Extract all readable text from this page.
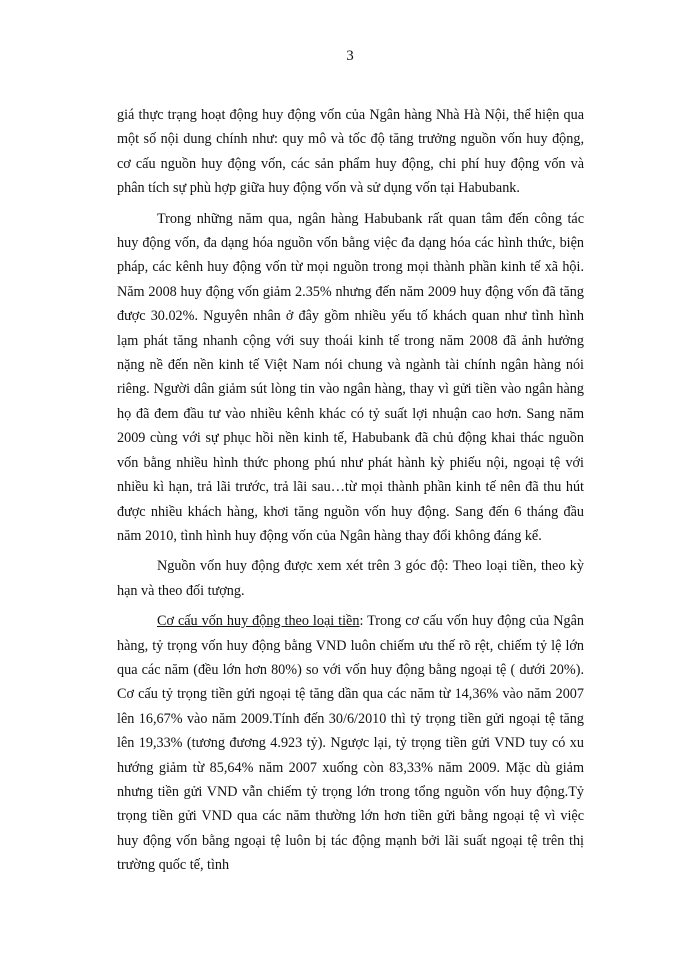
3

giá thực trạng hoạt động huy động vốn của Ngân hàng Nhà Hà Nội, thể hiện qua một số nội dung chính như: quy mô và tốc độ tăng trưởng nguồn vốn huy động, cơ cấu nguồn huy động vốn, các sản phẩm huy động, chi phí huy động vốn và phân tích sự phù hợp giữa huy động vốn và sử dụng vốn tại Habubank.

Trong những năm qua, ngân hàng Habubank rất quan tâm đến công tác huy động vốn, đa dạng hóa nguồn vốn bằng việc đa dạng hóa các hình thức, biện pháp, các kênh huy động vốn từ mọi nguồn trong mọi thành phần kinh tế xã hội. Năm 2008 huy động vốn giảm 2.35% nhưng đến năm 2009 huy động vốn đã tăng được 30.02%. Nguyên nhân ở đây gồm nhiều yếu tố khách quan như tình hình lạm phát tăng nhanh cộng với suy thoái kinh tế trong năm 2008 đã ảnh hưởng nặng nề đến nền kinh tế Việt Nam nói chung và ngành tài chính ngân hàng nói riêng. Người dân giảm sút lòng tin vào ngân hàng, thay vì gửi tiền vào ngân hàng họ đã đem đầu tư vào nhiều kênh khác có tỷ suất lợi nhuận cao hơn. Sang năm 2009 cùng với sự phục hồi nền kinh tế, Habubank đã chủ động khai thác nguồn vốn bằng nhiều hình thức phong phú như phát hành kỳ phiếu nội, ngoại tệ với nhiều kì hạn, trả lãi trước, trả lãi sau…từ mọi thành phần kinh tế nên đã thu hút được nhiều khách hàng, khơi tăng nguồn vốn huy động. Sang đến 6 tháng đầu năm 2010, tình hình huy động vốn của Ngân hàng thay đổi không đáng kể.

Nguồn vốn huy động được xem xét trên 3 góc độ: Theo loại tiền, theo kỳ hạn và theo đối tượng.

Cơ cấu vốn huy động theo loại tiền: Trong cơ cấu vốn huy động của Ngân hàng, tỷ trọng vốn huy động bằng VND luôn chiếm ưu thế rõ rệt, chiếm tỷ lệ lớn qua các năm (đều lớn hơn 80%) so với vốn huy động bằng ngoại tệ ( dưới 20%). Cơ cấu tỷ trọng tiền gửi ngoại tệ tăng dần qua các năm từ 14,36% vào năm 2007 lên 16,67% vào năm 2009.Tính đến 30/6/2010 thì tỷ trọng tiền gửi ngoại tệ tăng lên 19,33% (tương đương 4.923 tỷ). Ngược lại, tỷ trọng tiền gửi VND tuy có xu hướng giảm từ 85,64% năm 2007 xuống còn 83,33% năm 2009. Mặc dù giảm nhưng tiền gửi VND vẫn chiếm tỷ trọng lớn trong tổng nguồn vốn huy động.Tỷ trọng tiền gửi VND qua các năm thường lớn hơn tiền gửi bằng ngoại tệ vì việc huy động vốn bằng ngoại tệ luôn bị tác động mạnh bởi lãi suất ngoại tệ trên thị trường quốc tế, tình
